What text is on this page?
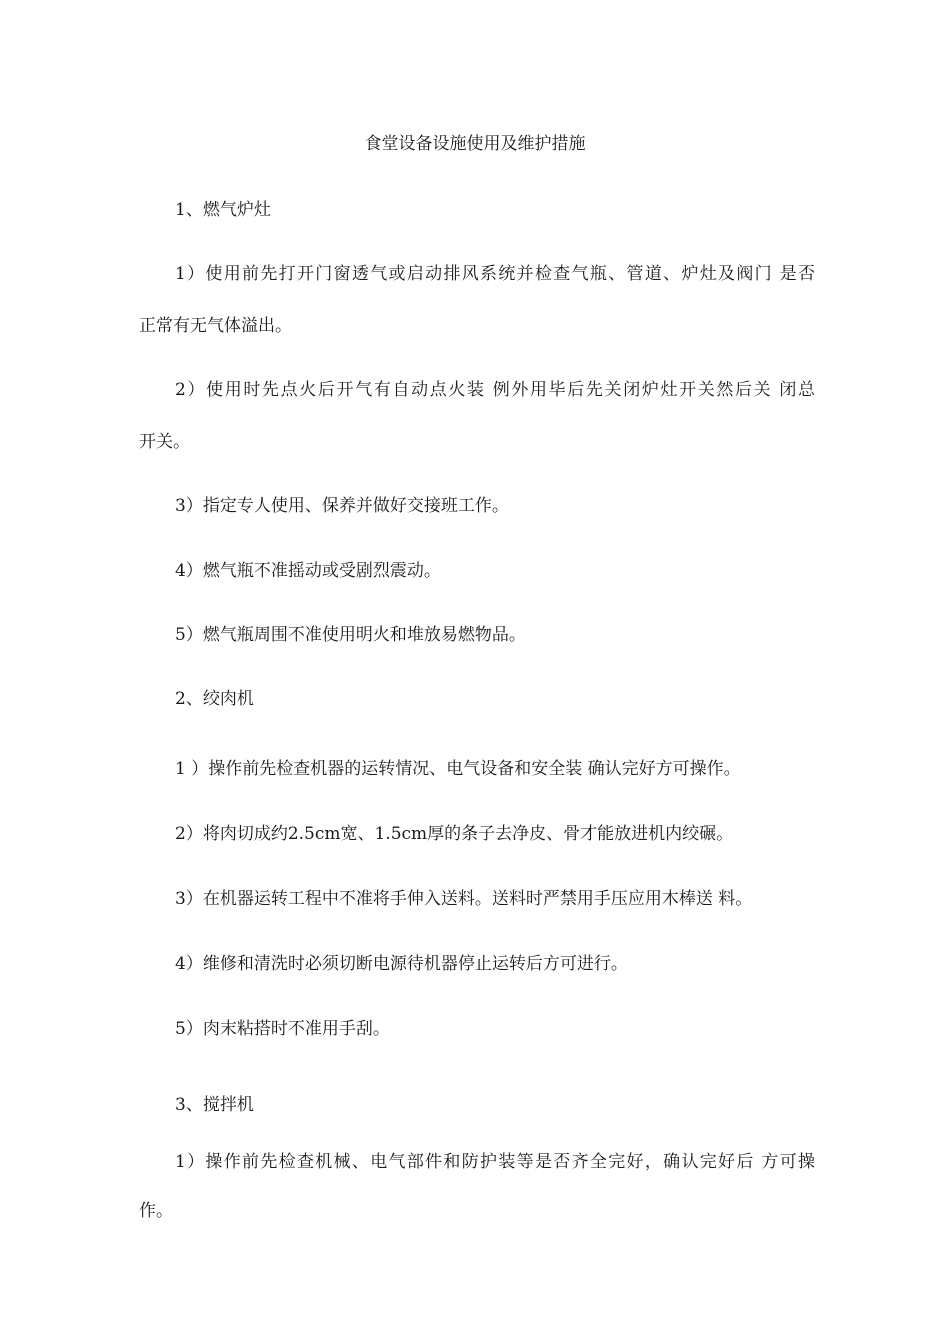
食堂设备设施使用及维护措施
1、燃气炉灶
1）使用前先打开门窗透气或启动排风系统并检查气瓶、管道、炉灶及阀门 是否
正常有无气体溢出。
2）使用时先点火后开气有自动点火装 例外用毕后先关闭炉灶开关然后关 闭总
开关。
3）指定专人使用、保养并做好交接班工作。
4）燃气瓶不准摇动或受剧烈震动。
5）燃气瓶周围不准使用明火和堆放易燃物品。
2、绞肉机
1 ）操作前先检查机器的运转情况、电气设备和安全装 确认完好方可操作。
2）将肉切成约2.5cm宽、1.5cm厚的条子去净皮、骨才能放进机内绞碾。
3）在机器运转工程中不准将手伸入送料。送料时严禁用手压应用木棒送 料。
4）维修和清洗时必须切断电源待机器停止运转后方可进行。
5）肉末粘搭时不准用手刮。
3、搅拌机
1）操作前先检查机械、电气部件和防护装等是否齐全完好，确认完好后 方可操
作。
